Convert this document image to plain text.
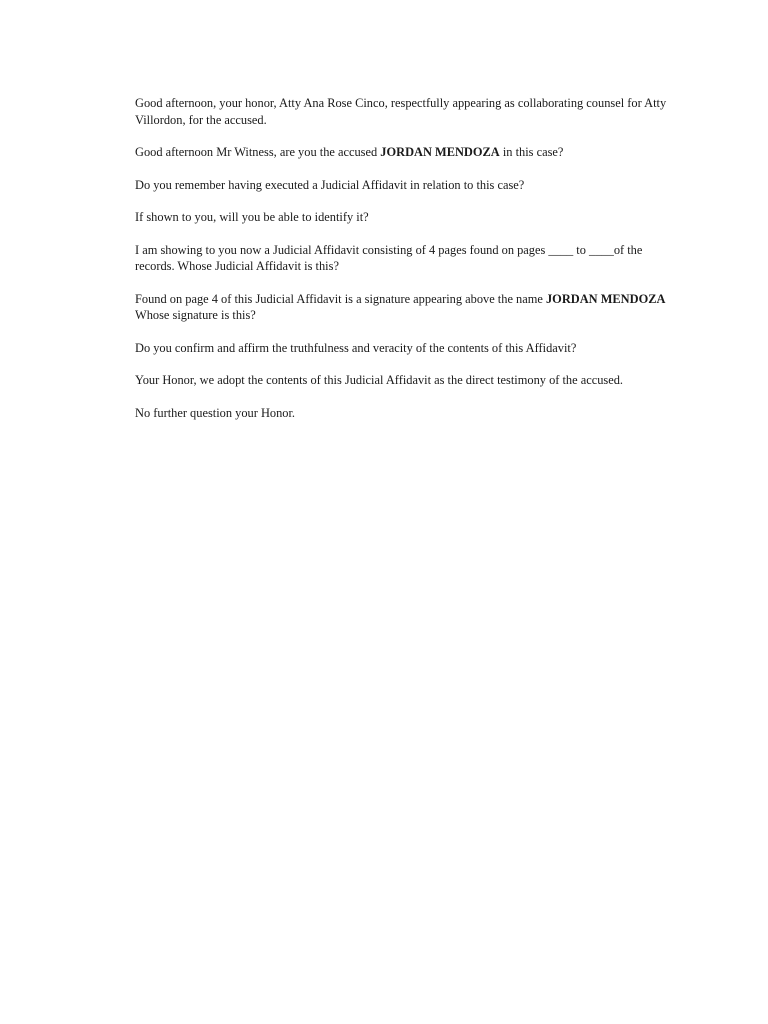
Good afternoon, your honor, Atty Ana Rose Cinco, respectfully appearing as collaborating counsel for Atty Villordon, for the accused.

Good afternoon Mr Witness, are you the accused JORDAN MENDOZA in this case?

Do you remember having executed a Judicial Affidavit in relation to this case?

If shown to you, will you be able to identify it?

I am showing to you now a Judicial Affidavit consisting of 4 pages found on pages ____ to ____of the records. Whose Judicial Affidavit is this?

Found on page 4 of this Judicial Affidavit is a signature appearing above the name JORDAN MENDOZA Whose signature is this?

Do you confirm and affirm the truthfulness and veracity of the contents of this Affidavit?

Your Honor, we adopt the contents of this Judicial Affidavit as the direct testimony of the accused.

No further question your Honor.
